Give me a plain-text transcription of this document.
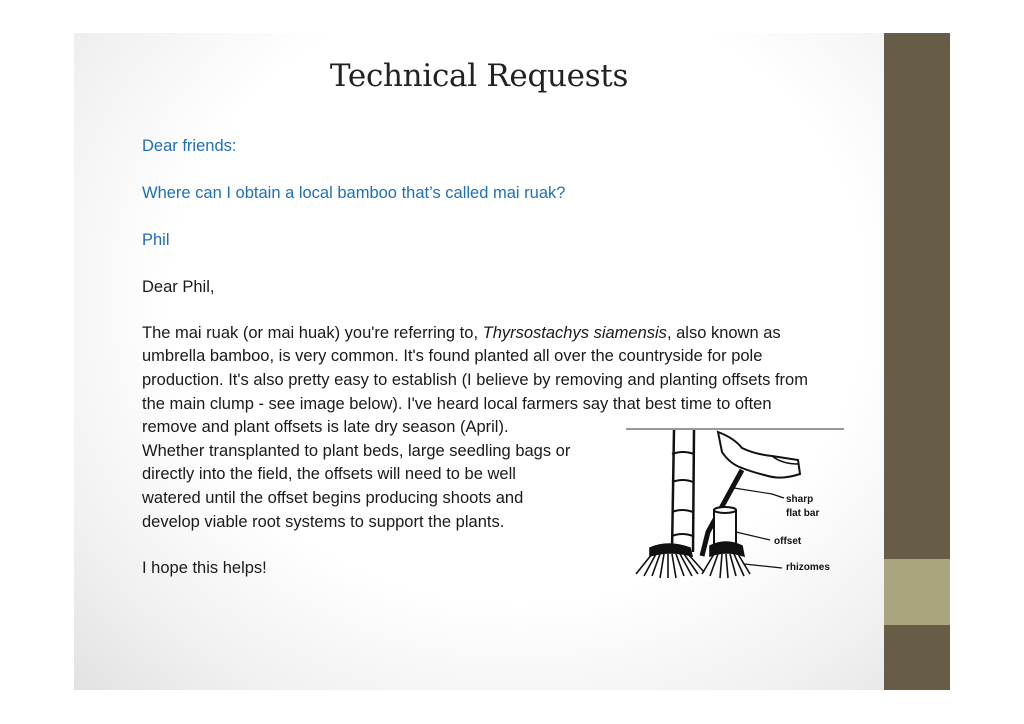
Technical Requests
Dear friends:
Where can I obtain a local bamboo that’s called mai ruak?
Phil
Dear Phil,
The mai ruak (or mai huak) you're referring to, Thyrsostachys siamensis, also known as
umbrella bamboo, is very common. It's found planted all over the countryside for pole
production. It's also pretty easy to establish (I believe by removing and planting offsets from
the main clump - see image below). I've heard local farmers say that best time to often
remove and plant offsets is late dry season (April).
Whether transplanted to plant beds, large seedling bags or
directly into the field, the offsets will need to be well
watered until the offset begins producing shoots and
develop viable root systems to support the plants.
I hope this helps!
sharp
flat bar
offset
rhizomes
